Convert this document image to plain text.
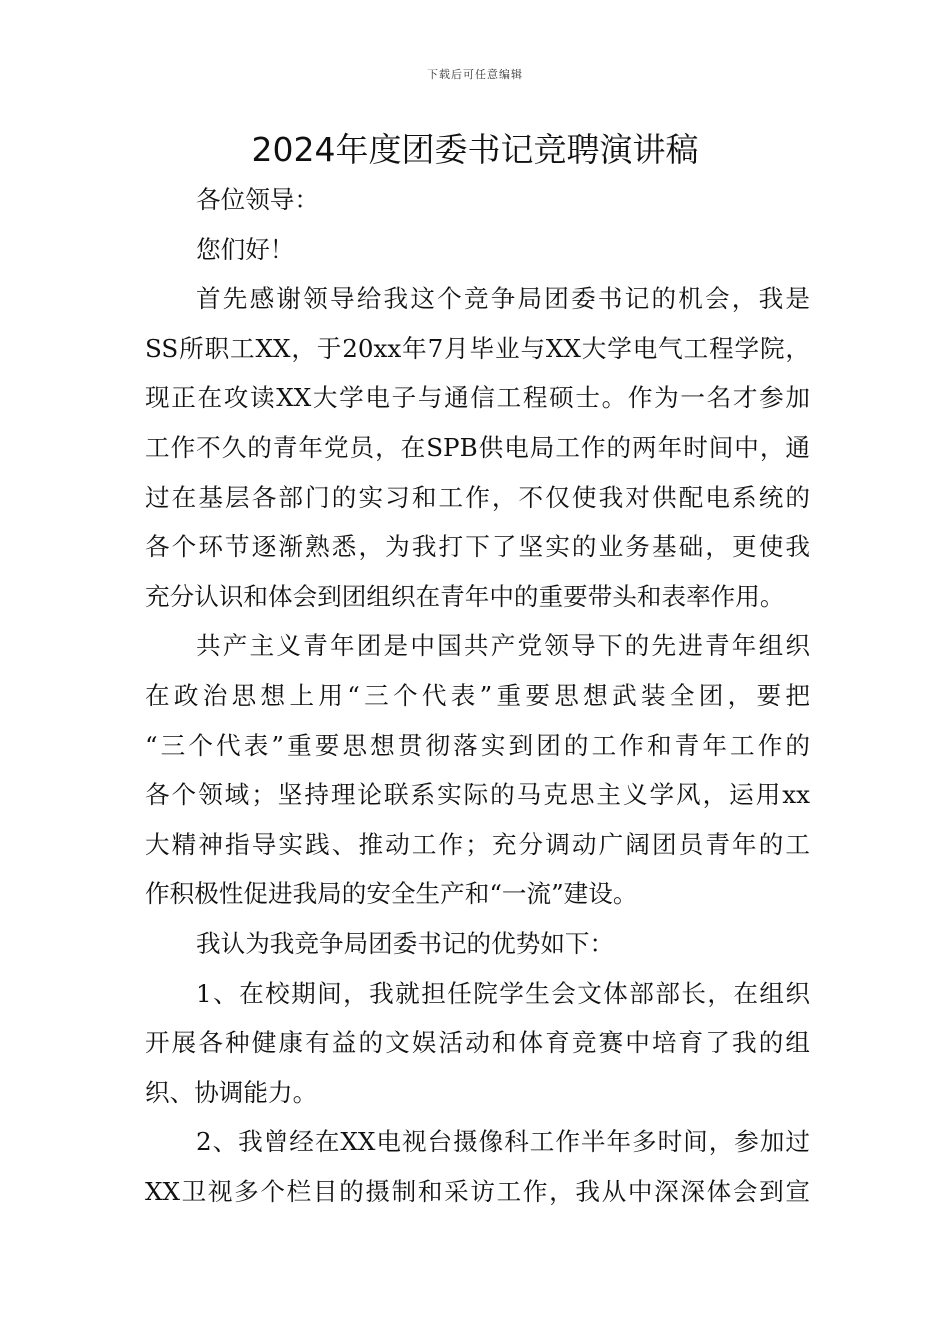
下载后可任意编辑
2024年度团委书记竞聘演讲稿
各位领导：
您们好！
首先感谢领导给我这个竞争局团委书记的机会，我是
SS所职工XX，于20xx年7月毕业与XX大学电气工程学院，
现正在攻读XX大学电子与通信工程硕士。作为一名才参加
工作不久的青年党员，在SPB供电局工作的两年时间中，通
过在基层各部门的实习和工作，不仅使我对供配电系统的
各个环节逐渐熟悉，为我打下了坚实的业务基础，更使我
充分认识和体会到团组织在青年中的重要带头和表率作用。
共产主义青年团是中国共产党领导下的先进青年组织
在政治思想上用“三个代表”重要思想武装全团，要把
“三个代表”重要思想贯彻落实到团的工作和青年工作的
各个领域；坚持理论联系实际的马克思主义学风，运用xx
大精神指导实践、推动工作；充分调动广阔团员青年的工
作积极性促进我局的安全生产和“一流”建设。
我认为我竞争局团委书记的优势如下：
1、在校期间，我就担任院学生会文体部部长，在组织
开展各种健康有益的文娱活动和体育竞赛中培育了我的组
织、协调能力。
2、我曾经在XX电视台摄像科工作半年多时间，参加过
XX卫视多个栏目的摄制和采访工作，我从中深深体会到宣
